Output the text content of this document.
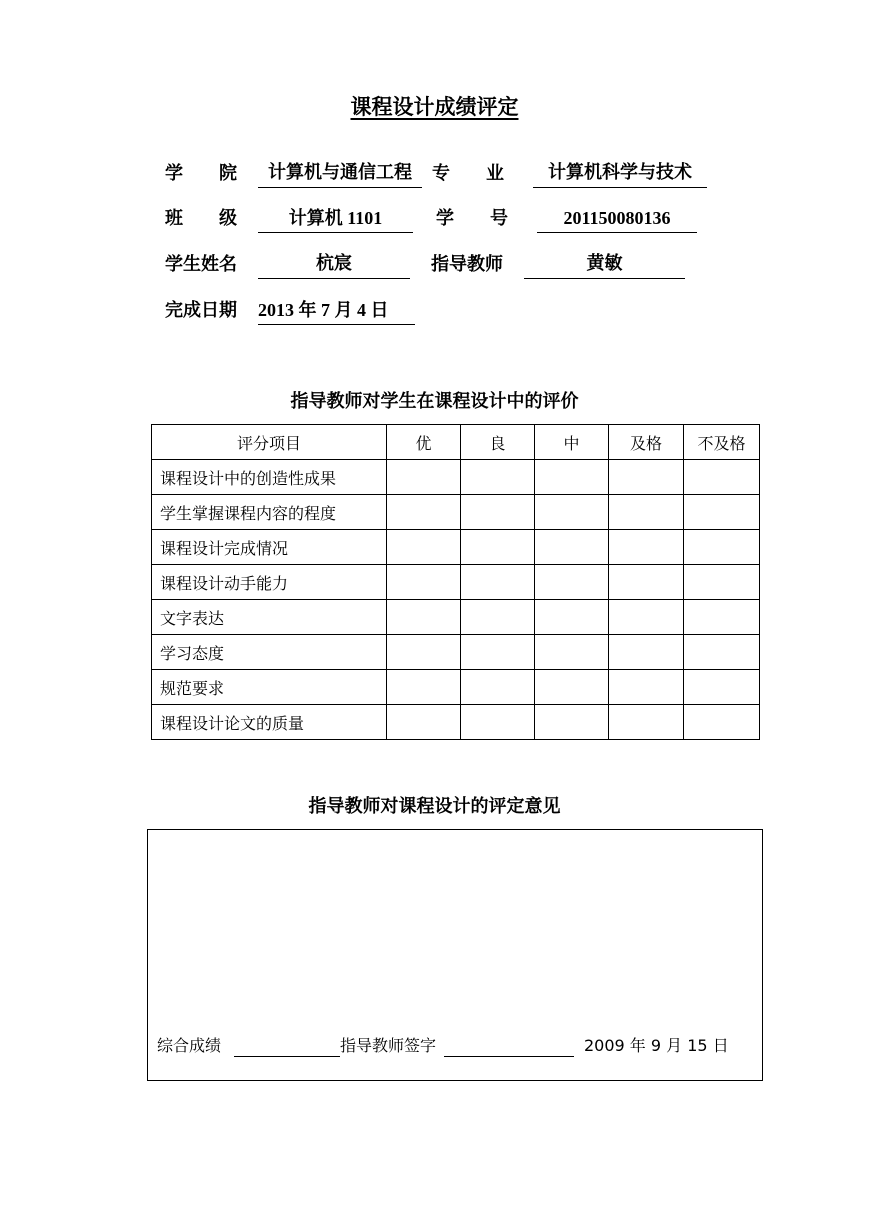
课程设计成绩评定
学　　院	计算机与通信工程	专　　业	计算机科学与技术
班　　级	计算机 1101	学　　号	201150080136
学生姓名	杭宸	指导教师	黄敏
完成日期 2013 年 7 月 4 日
指导教师对学生在课程设计中的评价
评分项目	优	良	中	及格	不及格
课程设计中的创造性成果					
学生掌握课程内容的程度					
课程设计完成情况					
课程设计动手能力					
文字表达					
学习态度					
规范要求					
课程设计论文的质量					
指导教师对课程设计的评定意见
综合成绩	指导教师签字	2009 年 9 月 15 日
